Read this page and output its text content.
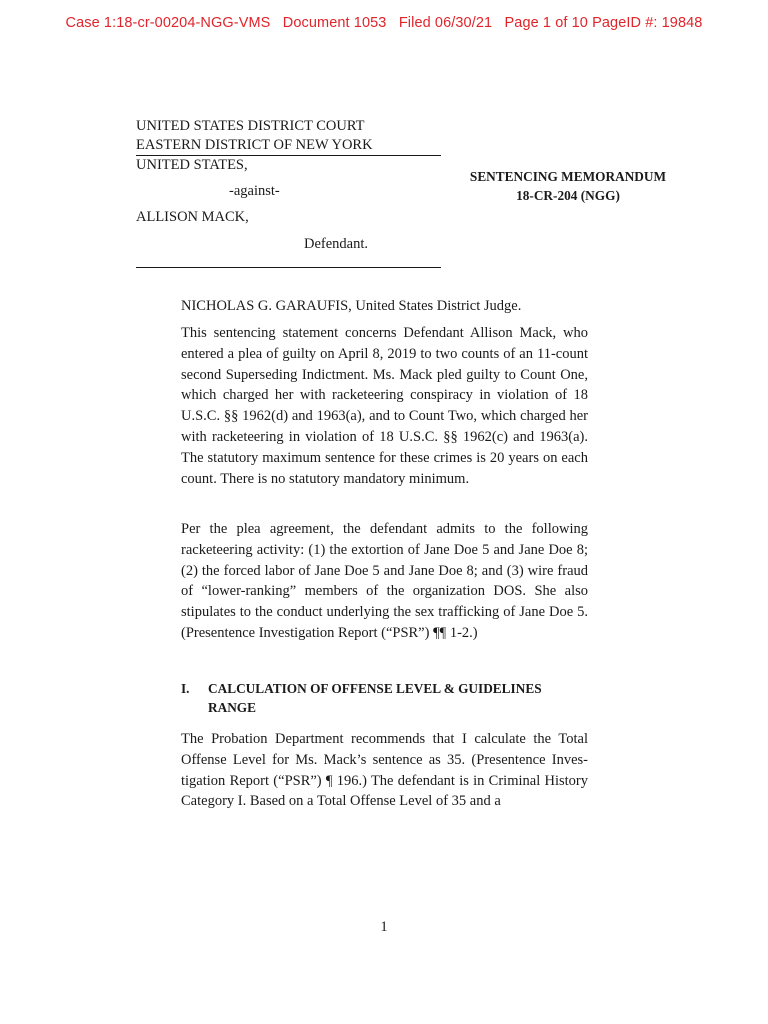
Case 1:18-cr-00204-NGG-VMS   Document 1053   Filed 06/30/21   Page 1 of 10 PageID #: 19848
UNITED STATES DISTRICT COURT
EASTERN DISTRICT OF NEW YORK
UNITED STATES,
-against-
ALLISON MACK,
Defendant.
SENTENCING MEMORANDUM
18-CR-204 (NGG)

NICHOLAS G. GARAUFIS, United States District Judge.

This sentencing statement concerns Defendant Allison Mack, who entered a plea of guilty on April 8, 2019 to two counts of an 11-count second Superseding Indictment. Ms. Mack pled guilty to Count One, which charged her with racketeering conspiracy in violation of 18 U.S.C. §§ 1962(d) and 1963(a), and to Count Two, which charged her with racketeering in violation of 18 U.S.C. §§ 1962(c) and 1963(a). The statutory maximum sentence for these crimes is 20 years on each count. There is no statutory mandatory minimum.

Per the plea agreement, the defendant admits to the following racketeering activity: (1) the extortion of Jane Doe 5 and Jane Doe 8; (2) the forced labor of Jane Doe 5 and Jane Doe 8; and (3) wire fraud of “lower-ranking” members of the organization DOS. She also stipulates to the conduct underlying the sex trafficking of Jane Doe 5. (Presentence Investigation Report (“PSR”) ¶¶ 1-2.)

I. CALCULATION OF OFFENSE LEVEL & GUIDELINES RANGE

The Probation Department recommends that I calculate the Total Offense Level for Ms. Mack’s sentence as 35. (Presentence Investigation Report (“PSR”) ¶ 196.) The defendant is in Criminal History Category I. Based on a Total Offense Level of 35 and a

1
